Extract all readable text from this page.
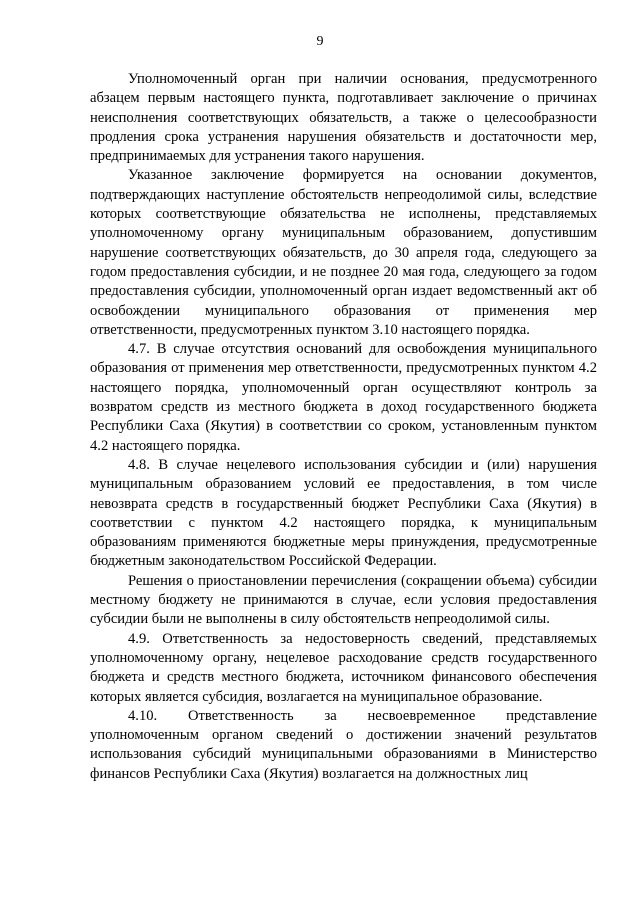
9

Уполномоченный орган при наличии основания, предусмотренного абзацем первым настоящего пункта, подготавливает заключение о причинах неисполнения соответствующих обязательств, а также о целесообразности продления срока устранения нарушения обязательств и достаточности мер, предпринимаемых для устранения такого нарушения.

Указанное заключение формируется на основании документов, подтверждающих наступление обстоятельств непреодолимой силы, вследствие которых соответствующие обязательства не исполнены, представляемых уполномоченному органу муниципальным образованием, допустившим нарушение соответствующих обязательств, до 30 апреля года, следующего за годом предоставления субсидии, и не позднее 20 мая года, следующего за годом предоставления субсидии, уполномоченный орган издает ведомственный акт об освобождении муниципального образования от применения мер ответственности, предусмотренных пунктом 3.10 настоящего порядка.

4.7. В случае отсутствия оснований для освобождения муниципального образования от применения мер ответственности, предусмотренных пунктом 4.2 настоящего порядка, уполномоченный орган осуществляют контроль за возвратом средств из местного бюджета в доход государственного бюджета Республики Саха (Якутия) в соответствии со сроком, установленным пунктом 4.2 настоящего порядка.

4.8. В случае нецелевого использования субсидии и (или) нарушения муниципальным образованием условий ее предоставления, в том числе невозврата средств в государственный бюджет Республики Саха (Якутия) в соответствии с пунктом 4.2 настоящего порядка, к муниципальным образованиям применяются бюджетные меры принуждения, предусмотренные бюджетным законодательством Российской Федерации.

Решения о приостановлении перечисления (сокращении объема) субсидии местному бюджету не принимаются в случае, если условия предоставления субсидии были не выполнены в силу обстоятельств непреодолимой силы.

4.9. Ответственность за недостоверность сведений, представляемых уполномоченному органу, нецелевое расходование средств государственного бюджета и средств местного бюджета, источником финансового обеспечения которых является субсидия, возлагается на муниципальное образование.

4.10. Ответственность за несвоевременное представление уполномоченным органом сведений о достижении значений результатов использования субсидий муниципальными образованиями в Министерство финансов Республики Саха (Якутия) возлагается на должностных лиц
